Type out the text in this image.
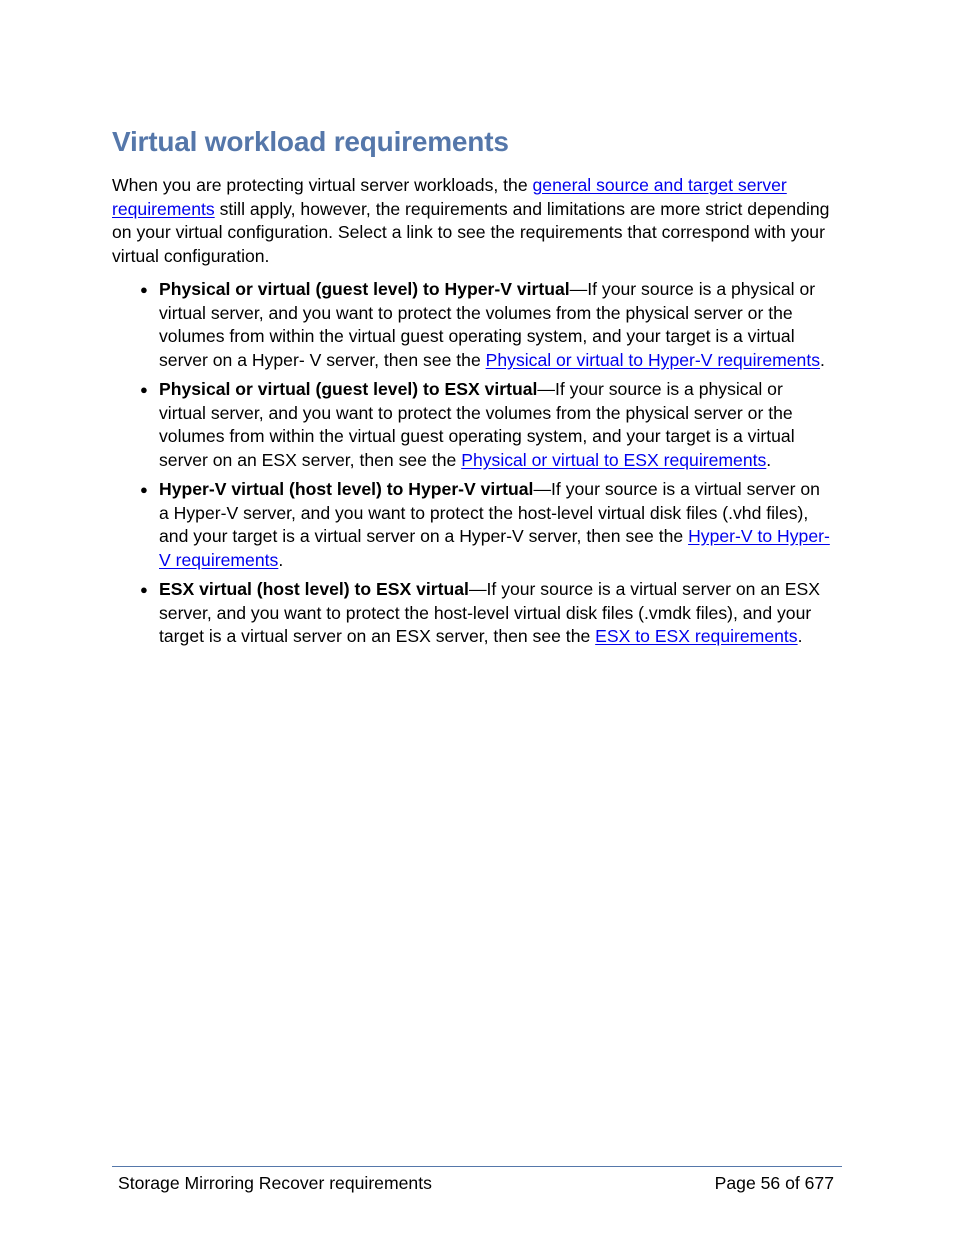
Virtual workload requirements

When you are protecting virtual server workloads, the general source and target server requirements still apply, however, the requirements and limitations are more strict depending on your virtual configuration. Select a link to see the requirements that correspond with your virtual configuration.

● Physical or virtual (guest level) to Hyper-V virtual—If your source is a physical or virtual server, and you want to protect the volumes from the physical server or the volumes from within the virtual guest operating system, and your target is a virtual server on a Hyper- V server, then see the Physical or virtual to Hyper-V requirements.
● Physical or virtual (guest level) to ESX virtual—If your source is a physical or virtual server, and you want to protect the volumes from the physical server or the volumes from within the virtual guest operating system, and your target is a virtual server on an ESX server, then see the Physical or virtual to ESX requirements.
● Hyper-V virtual (host level) to Hyper-V virtual—If your source is a virtual server on a Hyper-V server, and you want to protect the host-level virtual disk files (.vhd files), and your target is a virtual server on a Hyper-V server, then see the Hyper-V to Hyper-V requirements.
● ESX virtual (host level) to ESX virtual—If your source is a virtual server on an ESX server, and you want to protect the host-level virtual disk files (.vmdk files), and your target is a virtual server on an ESX server, then see the ESX to ESX requirements.
Storage Mirroring Recover requirements	Page 56 of 677
